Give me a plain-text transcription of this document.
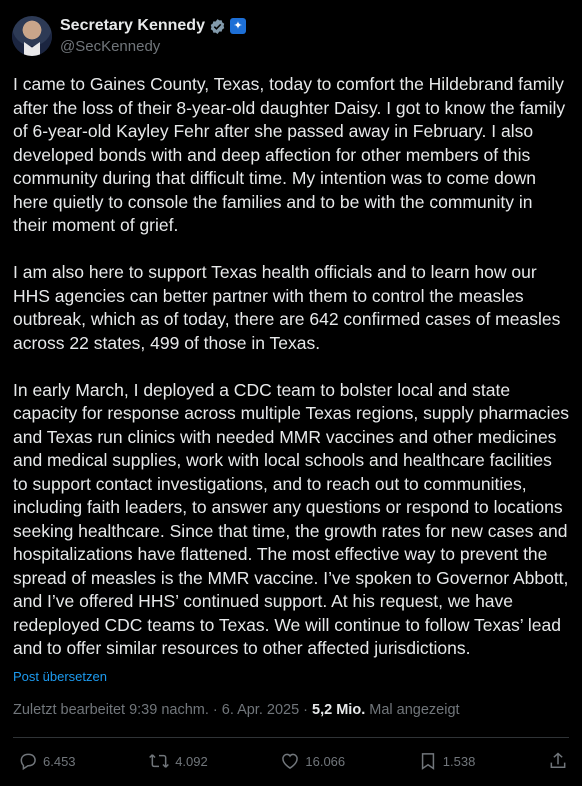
Secretary Kennedy	✦
@SecKennedy

I came to Gaines County, Texas, today to comfort the Hildebrand family after the loss of their 8-year-old daughter Daisy. I got to know the family of 6-year-old Kayley Fehr after she passed away in February. I also developed bonds with and deep affection for other members of this community during that difficult time. My intention was to come down here quietly to console the families and to be with the community in their moment of grief.

I am also here to support Texas health officials and to learn how our HHS agencies can better partner with them to control the measles outbreak, which as of today, there are 642 confirmed cases of measles across 22 states, 499 of those in Texas.

In early March, I deployed a CDC team to bolster local and state capacity for response across multiple Texas regions, supply pharmacies and Texas run clinics with needed MMR vaccines and other medicines and medical supplies, work with local schools and healthcare facilities to support contact investigations, and to reach out to communities, including faith leaders, to answer any questions or respond to locations seeking healthcare. Since that time, the growth rates for new cases and hospitalizations have flattened. The most effective way to prevent the spread of measles is the MMR vaccine. I’ve spoken to Governor Abbott, and I’ve offered HHS’ continued support. At his request, we have redeployed CDC teams to Texas. We will continue to follow Texas’ lead and to offer similar resources to other affected jurisdictions.

Post übersetzen
Zuletzt bearbeitet 9:39 nachm. · 6. Apr. 2025 · 5,2 Mio. Mal angezeigt
6.453	4.092	16.066	1.538
